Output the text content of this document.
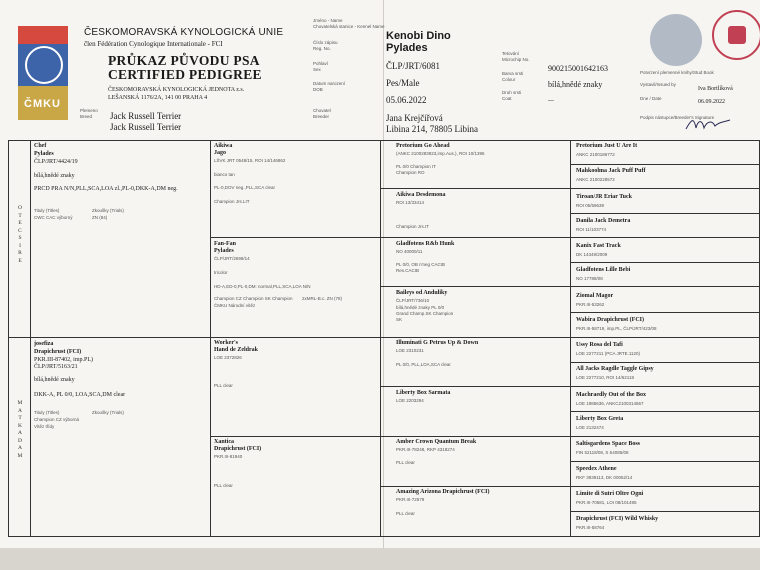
ČMKU
ČESKOMORAVSKÁ KYNOLOGICKÁ UNIE
člen Fédération Cynologique Internationale - FCI
PRŮKAZ PŮVODU PSA
CERTIFIED PEDIGREE
ČESKOMORAVSKÁ KYNOLOGICKÁ JEDNOTA z.s.
LEŠANSKÁ 1176/2A, 141 00 PRAHA 4
Plemeno
Breed Jack Russell Terrier
Jack Russell Terrier
Jméno - Name
Chovatelská stanice - Kennel Name
Číslo zápisu
Reg. No.
Pohlaví
Sex
Datum narození
DOB
Chovatel
Breeder
Kenobi Dino
Pylades
ČLP/JRT/6081
Pes/Male
05.06.2022
Jana Krejčířová
Libina 214, 78805 Libina
Tetování
Microchip No.
Barva srsti
Colour
Druh srsti
Coat
900215001642163
bílá,hnědé znaky
...
Potvrzení plemenné knihy/Stud Book
Vystavil/Issued by
Iva Bortlíková
Dne / Date
06.09.2022
Podpis nástupce/Breeder's Signature
O T E C S I R E
M A T K A D A M
Chef
Pylades
ČLP/JRT/4424/19
bílá,hnědé znaky
PRCD PRA N/N,PLL,SCA,LOA zl.,PL-0,DKK-A,DM neg.
Tituly (Titles)	Zkoušky (Trials)
CWC CAC výborný	ZN (84)
josefiza
Drapichrust (FCI)
PKR.III-87402, imp.PL)
ČLP/JRT/5163/21
bílá,hnědé znaky
DKK-A, PL 0/0, LOA,SCA,DM clear
Tituly (Titles)	Zkoušky (Trials)
Champion CZ výborná Vítěz třídy
Aikiwa
Jago
LŠVK JRT 0548/15, ROI 14/146862
bianco tan
PL-0,DOV neg.,PLL,SCA clear
Champion Jrs.LIT
Fan-Fan
Pylades
ČLP/JRT/2698/14
tricolor
HD-A,ED-0,PL-0,DM: normal,PLL,SCA,LOA N/N
Champion CZ Champion SK Champion ČMKU Národní vítěz
2xMRL-B.c. ZN (78)
Worker's
Hand de Zeldrak
LOE 2372826
PLL clear
Xantica
Drapichrust (FCI)
PKR.III-81940
PLL clear
Pretorium Go Ahead
(ANKC 2100283923,imp.Aus.), ROI 10/1396
PL 0/0 Champion IT Champion RO
Aikiwa Desdemona
ROI 13/33414
Champion Jrs.IT
Gladfotens R&b Hunk
NO 40000/11
PL 0/0, OB n'neg CACIB Res.CACIB
Baileys od Anduliky
ČLP/JRT/736/10
bílá,hnědé znaky PL 0/0 Grand Champ.SK Champion SK
Illuminati G Petrus Up & Down
LOE 2310231
PL 0/0, PLL,LOA,SCA clear
Liberty Box Sarmata
LOE 2203294
Amber Crown Quantum Break
PKR.III-78248, RKP 4318274
PLL clear
Amazing Arizona Drapichrust (FCI)
PKR.III-72579
PLL clear
Pretorium Just U Are It
ANKC 2100186772
Mahkoolma Jack Puff Puff
ANKC 2100228572
Tiroan/JR Eriar Tuck
ROI 05/59639
Danila Jack Demetra
ROI 11/103774
Kanix Fast Track
DK 14349/2009
Gladfotens Lille Bebi
NO 17788/08
Ziomal Magor
PKR.III-53262
Wabira Drapichrust (FCI)
PKR.III-58719, imp.PL, ČLP/JRT/423/08
Ussy Rosa del Tafi
LOE 2277211 (PCA JRTE.1120)
All Jacks Ragdle Taggle Gipsy
LOE 2277210, ROI 14/62118
Machraedly Out of the Box
LOE 1985636, ANKC2100314567
Liberty Box Greta
LOE 2132474
Saltisgardens Space Boss
FIN 52118/08, S 54085/08
Speedex Athene
RKF 3939113, DK 00052/14
Limite di Sutri Oltre Ogni
PKR.III-70681, LOI 08/101495
Drapichrust (FCI) Wild Whisky
PKR.III-58764
